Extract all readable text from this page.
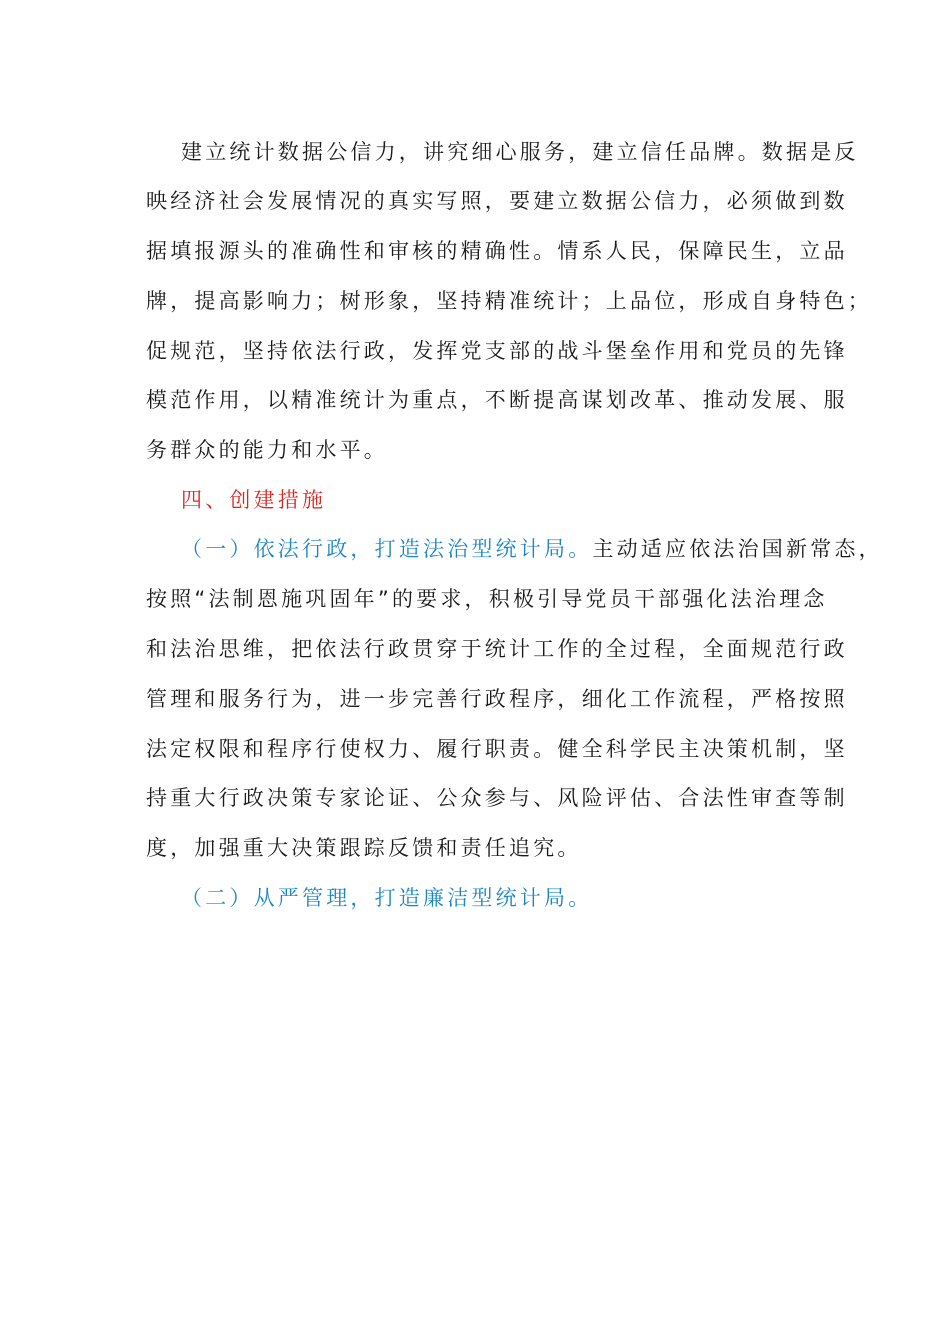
建立统计数据公信力，讲究细心服务，建立信任品牌。数据是反
映经济社会发展情况的真实写照，要建立数据公信力，必须做到数
据填报源头的准确性和审核的精确性。情系人民，保障民生，立品
牌，提高影响力；树形象，坚持精准统计；上品位，形成自身特色；
促规范，坚持依法行政，发挥党支部的战斗堡垒作用和党员的先锋
模范作用，以精准统计为重点，不断提高谋划改革、推动发展、服
务群众的能力和水平。
四、创建措施
（一）依法行政，打造法治型统计局。主动适应依法治国新常态，
按照“法制恩施巩固年”的要求，积极引导党员干部强化法治理念
和法治思维，把依法行政贯穿于统计工作的全过程，全面规范行政
管理和服务行为，进一步完善行政程序，细化工作流程，严格按照
法定权限和程序行使权力、履行职责。健全科学民主决策机制，坚
持重大行政决策专家论证、公众参与、风险评估、合法性审查等制
度，加强重大决策跟踪反馈和责任追究。
（二）从严管理，打造廉洁型统计局。
